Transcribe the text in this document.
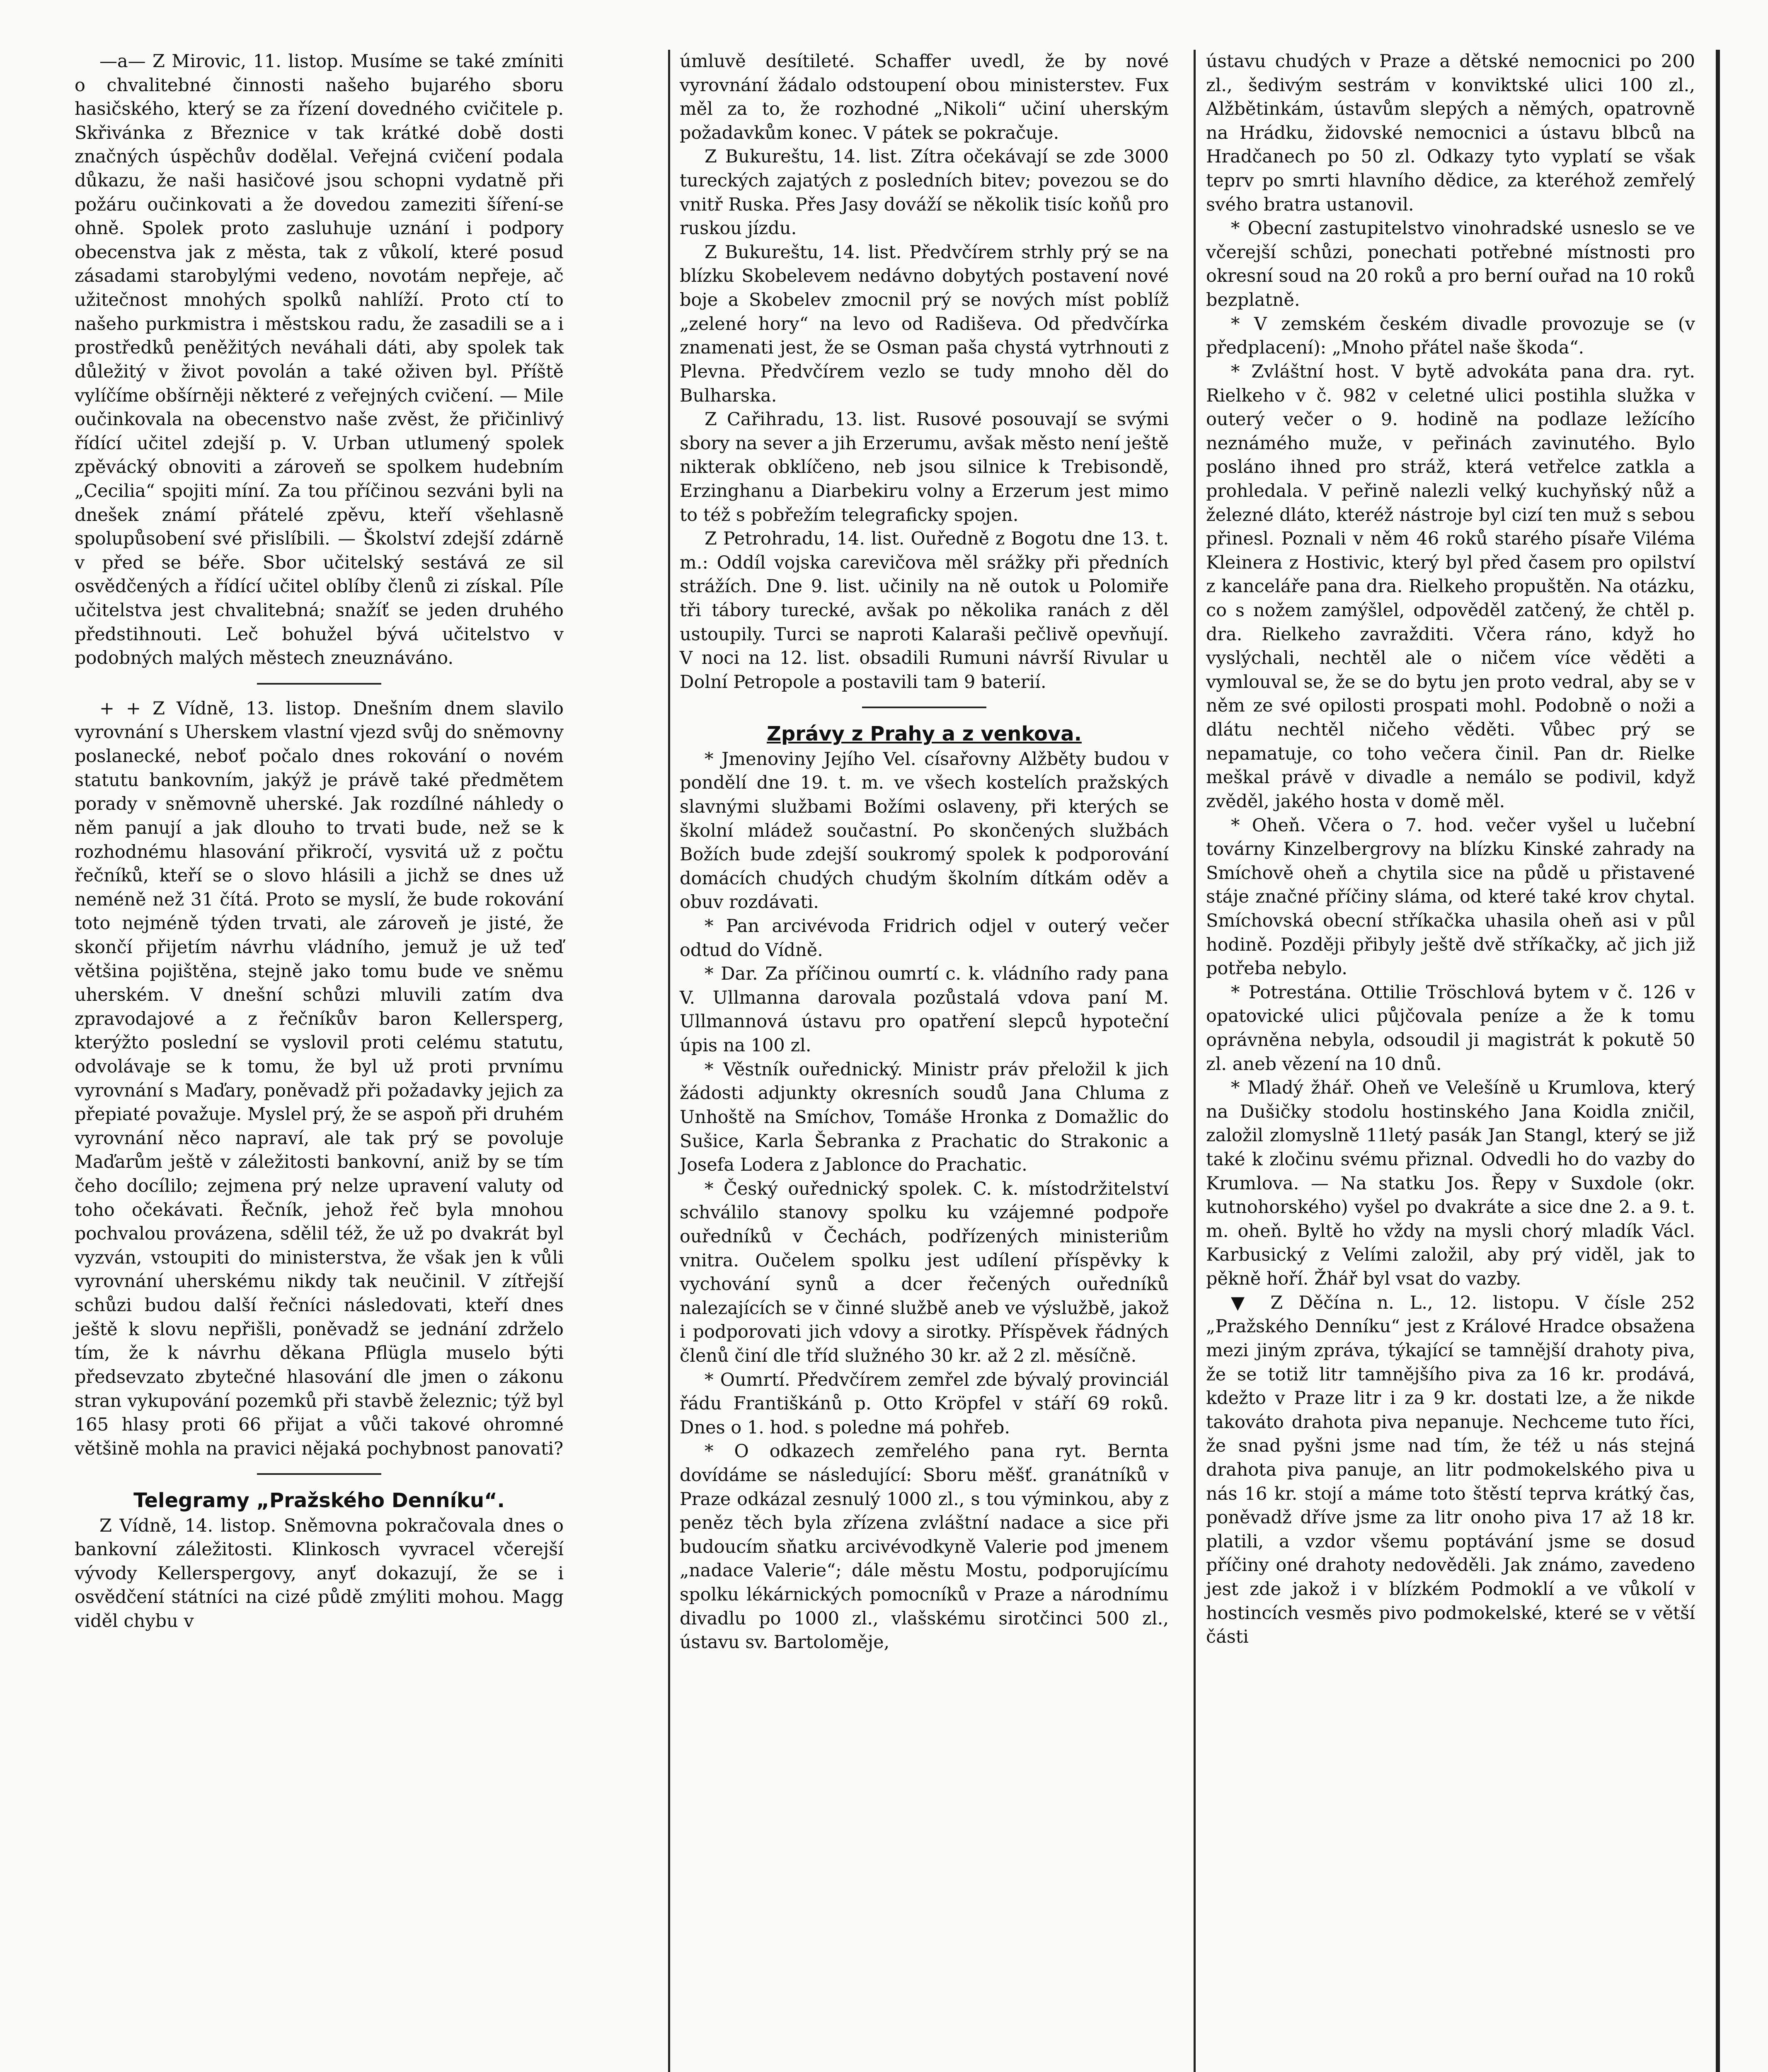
—a— Z Mirovic, 11. listop. Musíme se také zmíniti o chvalitebné činnosti našeho bujarého sboru hasičského, který se za řízení dovedného cvičitele p. Skřivánka z Březnice v tak krátké době dosti značných úspěchův dodělal. Veřejná cvičení podala důkazu, že naši hasičové jsou schopni vydatně při požáru oučinkovati a že dovedou zameziti šíření-se ohně. Spolek proto zasluhuje uznání i podpory obecenstva jak z města, tak z vůkolí, které posud zásadami starobylými vedeno, novotám nepřeje, ač užitečnost mnohých spolků nahlíží. Proto ctí to našeho purkmistra i městskou radu, že zasadili se a i prostředků peněžitých neváhali dáti, aby spolek tak důležitý v život povolán a také oživen byl. Příště vylíčíme obšírněji některé z veřejných cvičení. — Mile oučinkovala na obecenstvo naše zvěst, že přičinlivý řídící učitel zdejší p. V. Urban utlumený spolek zpěvácký obnoviti a zároveň se spolkem hudebním „Cecilia“ spojiti míní. Za tou příčinou sezváni byli na dnešek známí přátelé zpěvu, kteří všehlasně spolupůsobení své přislíbili. — Školství zdejší zdárně v před se béře. Sbor učitelský sestává ze sil osvědčených a řídící učitel oblíby členů zi získal. Píle učitelstva jest chvalitebná; snažíť se jeden druhého předstihnouti. Leč bohužel bývá učitelstvo v podobných malých městech zneuznáváno.

+ + Z Vídně, 13. listop. Dnešním dnem slavilo vyrovnání s Uherskem vlastní vjezd svůj do sněmovny poslanecké, neboť počalo dnes rokování o novém statutu bankovním, jakýž je právě také předmětem porady v sněmovně uherské. Jak rozdílné náhledy o něm panují a jak dlouho to trvati bude, než se k rozhodnému hlasování přikročí, vysvitá už z počtu řečníků, kteří se o slovo hlásili a jichž se dnes už neméně než 31 čítá. Proto se myslí, že bude rokování toto nejméně týden trvati, ale zároveň je jisté, že skončí přijetím návrhu vládního, jemuž je už teď většina pojištěna, stejně jako tomu bude ve sněmu uherském. V dnešní schůzi mluvili zatím dva zpravodajové a z řečníkův baron Kellersperg, kterýžto poslední se vyslovil proti celému statutu, odvolávaje se k tomu, že byl už proti prvnímu vyrovnání s Maďary, poněvadž při požadavky jejich za přepiaté považuje. Myslel prý, že se aspoň při druhém vyrovnání něco napraví, ale tak prý se povoluje Maďarům ještě v záležitosti bankovní, aniž by se tím čeho docílilo; zejmena prý nelze upravení valuty od toho očekávati. Řečník, jehož řeč byla mnohou pochvalou provázena, sdělil též, že už po dvakrát byl vyzván, vstoupiti do ministerstva, že však jen k vůli vyrovnání uherskému nikdy tak neučinil. V zítřejší schůzi budou další řečníci následovati, kteří dnes ještě k slovu nepřišli, poněvadž se jednání zdrželo tím, že k návrhu děkana Pflügla muselo býti předsevzato zbytečné hlasování dle jmen o zákonu stran vykupování pozemků při stavbě železnic; týž byl 165 hlasy proti 66 přijat a vůči takové ohromné většině mohla na pravici nějaká pochybnost panovati?

Telegramy „Pražského Denníku“.

Z Vídně, 14. listop. Sněmovna pokračovala dnes o bankovní záležitosti. Klinkosch vyvracel včerejší vývody Kellerspergovy, anyť dokazují, že se i osvědčení státníci na cizé půdě zmýliti mohou. Magg viděl chybu v

úmluvě desítileté. Schaffer uvedl, že by nové vyrovnání žádalo odstoupení obou ministerstev. Fux měl za to, že rozhodné „Nikoli“ učiní uherským požadavkům konec. V pátek se pokračuje.

Z Bukureštu, 14. list. Zítra očekávají se zde 3000 tureckých zajatých z posledních bitev; povezou se do vnitř Ruska. Přes Jasy dováží se několik tisíc koňů pro ruskou jízdu.

Z Bukureštu, 14. list. Předvčírem strhly prý se na blízku Skobelevem nedávno dobytých postavení nové boje a Skobelev zmocnil prý se nových míst poblíž „zelené hory“ na levo od Radiševa. Od předvčírka znamenati jest, že se Osman paša chystá vytrhnouti z Plevna. Předvčírem vezlo se tudy mnoho děl do Bulharska.

Z Cařihradu, 13. list. Rusové posouvají se svými sbory na sever a jih Erzerumu, avšak město není ještě nikterak obklíčeno, neb jsou silnice k Trebisondě, Erzinghanu a Diarbekiru volny a Erzerum jest mimo to též s pobřežím telegraficky spojen.

Z Petrohradu, 14. list. Ouředně z Bogotu dne 13. t. m.: Oddíl vojska carevičova měl srážky při předních strážích. Dne 9. list. učinily na ně outok u Polomiře tři tábory turecké, avšak po několika ranách z děl ustoupily. Turci se naproti Kalaraši pečlivě opevňují. V noci na 12. list. obsadili Rumuni návrší Rivular u Dolní Petropole a postavili tam 9 baterií.

Zprávy z Prahy a z venkova.

* Jmenoviny Jejího Vel. císařovny Alžběty budou v pondělí dne 19. t. m. ve všech kostelích pražských slavnými službami Božími oslaveny, při kterých se školní mládež součastní. Po skončených službách Božích bude zdejší soukromý spolek k podporování domácích chudých chudým školním dítkám oděv a obuv rozdávati.

* Pan arcivévoda Fridrich odjel v outerý večer odtud do Vídně.

* Dar. Za příčinou oumrtí c. k. vládního rady pana V. Ullmanna darovala pozůstalá vdova paní M. Ullmannová ústavu pro opatření slepců hypoteční úpis na 100 zl.

* Věstník ouřednický. Ministr práv přeložil k jich žádosti adjunkty okresních soudů Jana Chluma z Unhoště na Smíchov, Tomáše Hronka z Domažlic do Sušice, Karla Šebranka z Prachatic do Strakonic a Josefa Lodera z Jablonce do Prachatic.

* Český ouřednický spolek. C. k. místodržitelství schválilo stanovy spolku ku vzájemné podpoře ouředníků v Čechách, podřízených ministeriům vnitra. Oučelem spolku jest udílení příspěvky k vychování synů a dcer řečených ouředníků nalezajících se v činné službě aneb ve výslužbě, jakož i podporovati jich vdovy a sirotky. Příspěvek řádných členů činí dle tříd služného 30 kr. až 2 zl. měsíčně.

* Oumrtí. Předvčírem zemřel zde bývalý provinciál řádu Františkánů p. Otto Kröpfel v stáří 69 roků. Dnes o 1. hod. s poledne má pohřeb.

* O odkazech zemřelého pana ryt. Bernta dovídáme se následující: Sboru měšť. granátníků v Praze odkázal zesnulý 1000 zl., s tou výminkou, aby z peněz těch byla zřízena zvláštní nadace a sice při budoucím sňatku arcivévodkyně Valerie pod jmenem „nadace Valerie“; dále městu Mostu, podporujícímu spolku lékárnických pomocníků v Praze a národnímu divadlu po 1000 zl., vlašskému sirotčinci 500 zl., ústavu sv. Bartoloměje,

ústavu chudých v Praze a dětské nemocnici po 200 zl., šedivým sestrám v konviktské ulici 100 zl., Alžbětinkám, ústavům slepých a němých, opatrovně na Hrádku, židovské nemocnici a ústavu blbců na Hradčanech po 50 zl. Odkazy tyto vyplatí se však teprv po smrti hlavního dědice, za kteréhož zemřelý svého bratra ustanovil.

* Obecní zastupitelstvo vinohradské usneslo se ve včerejší schůzi, ponechati potřebné místnosti pro okresní soud na 20 roků a pro berní ouřad na 10 roků bezplatně.

* V zemském českém divadle provozuje se (v předplacení): „Mnoho přátel naše škoda“.

* Zvláštní host. V bytě advokáta pana dra. ryt. Rielkeho v č. 982 v celetné ulici postihla služka v outerý večer o 9. hodině na podlaze ležícího neznámého muže, v peřinách zavinutého. Bylo posláno ihned pro stráž, která vetřelce zatkla a prohledala. V peřině nalezli velký kuchyňský nůž a železné dláto, kteréž nástroje byl cizí ten muž s sebou přinesl. Poznali v něm 46 roků starého písaře Viléma Kleinera z Hostivic, který byl před časem pro opilství z kanceláře pana dra. Rielkeho propuštěn. Na otázku, co s nožem zamýšlel, odpověděl zatčený, že chtěl p. dra. Rielkeho zavražditi. Včera ráno, když ho vyslýchali, nechtěl ale o ničem více věděti a vymlouval se, že se do bytu jen proto vedral, aby se v něm ze své opilosti prospati mohl. Podobně o noži a dlátu nechtěl ničeho věděti. Vůbec prý se nepamatuje, co toho večera činil. Pan dr. Rielke meškal právě v divadle a nemálo se podivil, když zvěděl, jakého hosta v domě měl.

* Oheň. Včera o 7. hod. večer vyšel u lučební továrny Kinzelbergrovy na blízku Kinské zahrady na Smíchově oheň a chytila sice na půdě u přistavené stáje značné příčiny sláma, od které také krov chytal. Smíchovská obecní stříkačka uhasila oheň asi v půl hodině. Později přibyly ještě dvě stříkačky, ač jich již potřeba nebylo.

* Potrestána. Ottilie Tröschlová bytem v č. 126 v opatovické ulici půjčovala peníze a že k tomu oprávněna nebyla, odsoudil ji magistrát k pokutě 50 zl. aneb vězení na 10 dnů.

* Mladý žhář. Oheň ve Velešíně u Krumlova, který na Dušičky stodolu hostinského Jana Koidla zničil, založil zlomyslně 11letý pasák Jan Stangl, který se již také k zločinu svému přiznal. Odvedli ho do vazby do Krumlova. — Na statku Jos. Řepy v Suxdole (okr. kutnohorského) vyšel po dvakráte a sice dne 2. a 9. t. m. oheň. Byltě ho vždy na mysli chorý mladík Václ. Karbusický z Velími založil, aby prý viděl, jak to pěkně hoří. Žhář byl vsat do vazby.

▼ Z Děčína n. L., 12. listopu. V čísle 252 „Pražského Denníku“ jest z Králové Hradce obsažena mezi jiným zpráva, týkající se tamnější drahoty piva, že se totiž litr tamnějšího piva za 16 kr. prodává, kdežto v Praze litr i za 9 kr. dostati lze, a že nikde takováto drahota piva nepanuje. Nechceme tuto říci, že snad pyšni jsme nad tím, že též u nás stejná drahota piva panuje, an litr podmokelského piva u nás 16 kr. stojí a máme toto štěstí teprva krátký čas, poněvadž dříve jsme za litr onoho piva 17 až 18 kr. platili, a vzdor všemu poptávání jsme se dosud příčiny oné drahoty nedověděli. Jak známo, zavedeno jest zde jakož i v blízkém Podmoklí a ve vůkolí v hostincích vesměs pivo podmokelské, které se v větší části
